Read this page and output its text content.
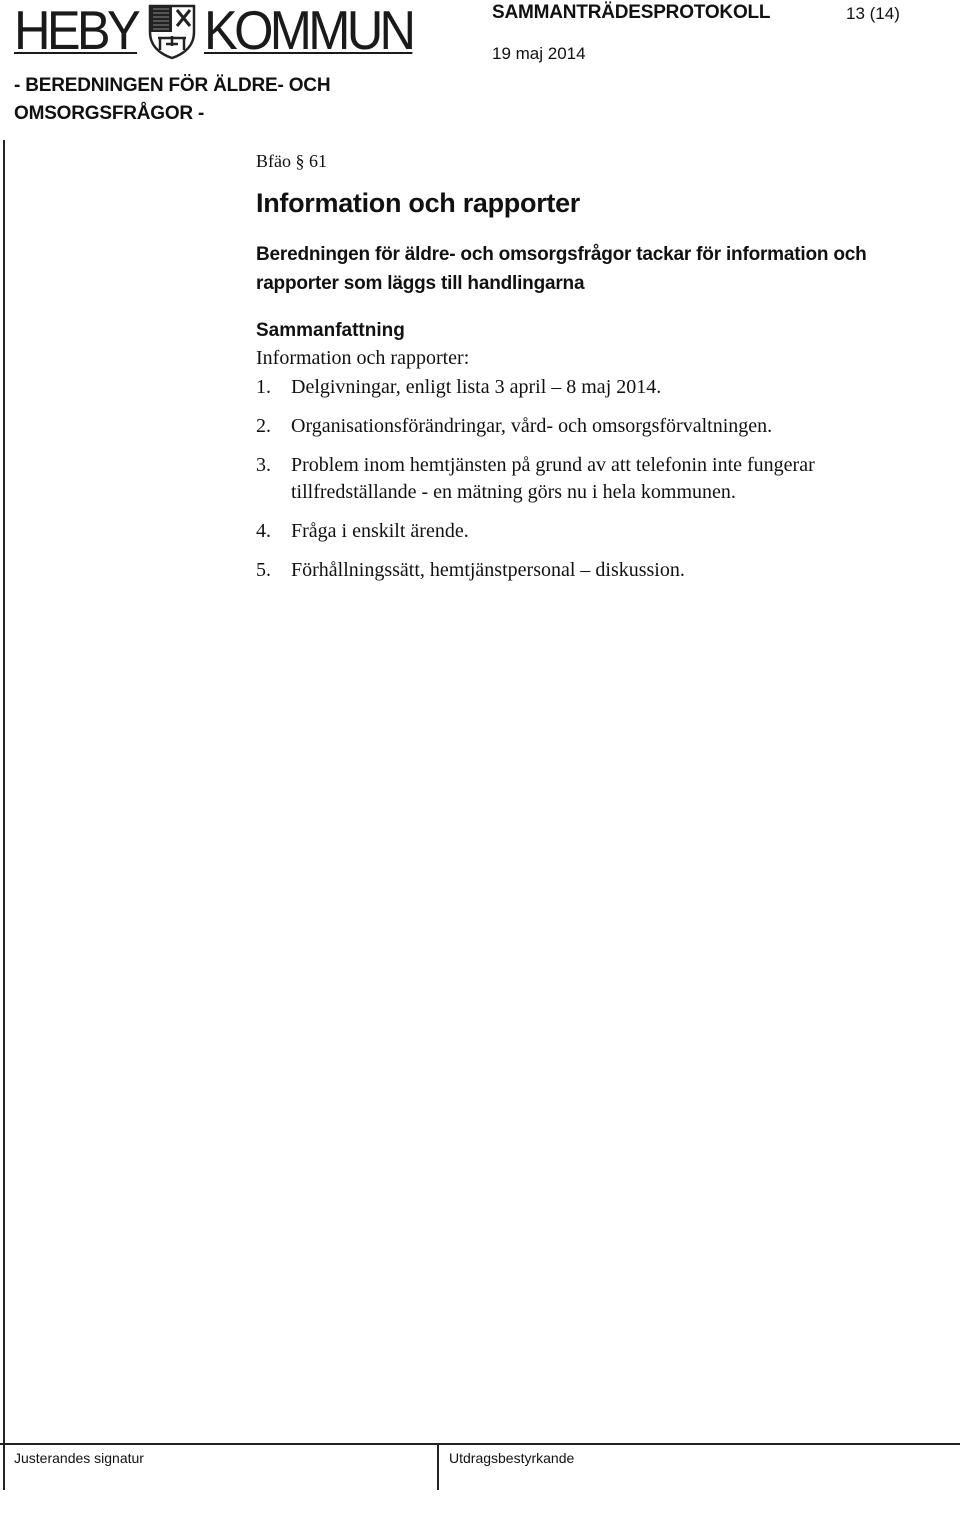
HEBY KOMMUN	SAMMANTRÄDESPROTOKOLL	13 (14)
19 maj 2014
- BEREDNINGEN FÖR ÄLDRE- OCH OMSORGSFRÅGOR -

Bfäo § 61

Information och rapporter

Beredningen för äldre- och omsorgsfrågor tackar för information och rapporter som läggs till handlingarna

Sammanfattning

Information och rapporter:

1.	Delgivningar, enligt lista 3 april – 8 maj 2014.
2.	Organisationsförändringar, vård- och omsorgsförvaltningen.
3.	Problem inom hemtjänsten på grund av att telefonin inte fungerar tillfredställande - en mätning görs nu i hela kommunen.
4.	Fråga i enskilt ärende.
5.	Förhållningssätt, hemtjänstpersonal – diskussion.
Justerandes signatur	Utdragsbestyrkande
